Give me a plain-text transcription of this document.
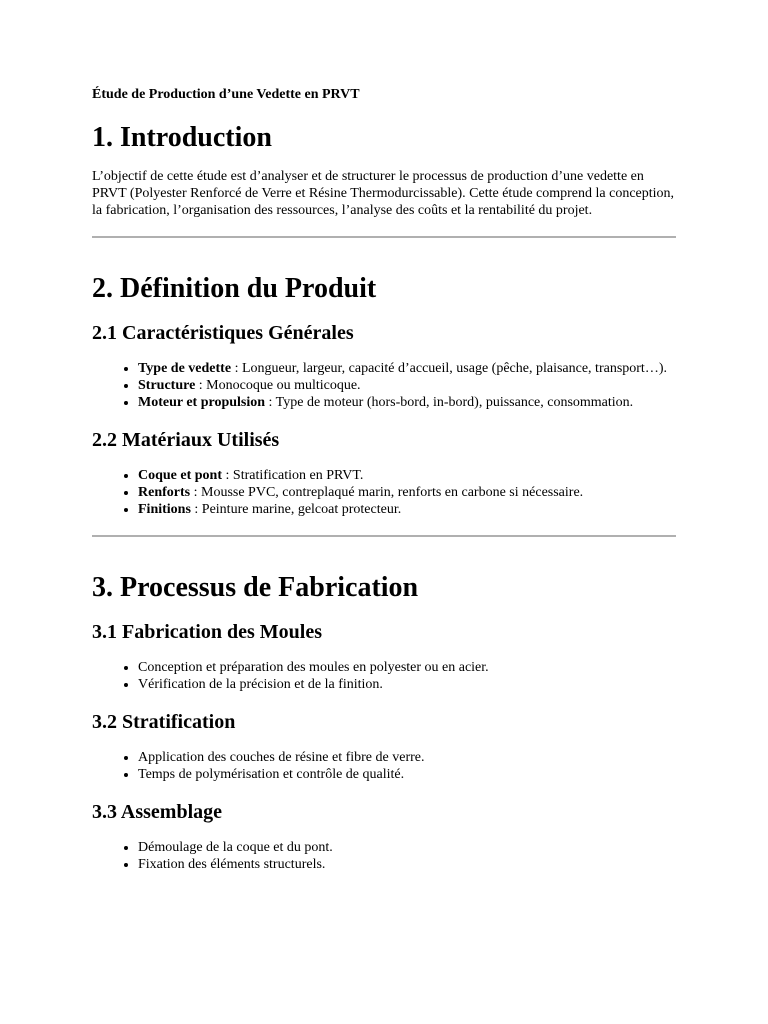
Étude de Production d’une Vedette en PRVT
1. Introduction

L’objectif de cette étude est d’analyser et de structurer le processus de production d’une vedette en PRVT (Polyester Renforcé de Verre et Résine Thermodurcissable). Cette étude comprend la conception, la fabrication, l’organisation des ressources, l’analyse des coûts et la rentabilité du projet.

2. Définition du Produit
2.1 Caractéristiques Générales
• Type de vedette : Longueur, largeur, capacité d’accueil, usage (pêche, plaisance, transport…).
• Structure : Monocoque ou multicoque.
• Moteur et propulsion : Type de moteur (hors-bord, in-bord), puissance, consommation.
2.2 Matériaux Utilisés
• Coque et pont : Stratification en PRVT.
• Renforts : Mousse PVC, contreplaqué marin, renforts en carbone si nécessaire.
• Finitions : Peinture marine, gelcoat protecteur.
3. Processus de Fabrication
3.1 Fabrication des Moules
• Conception et préparation des moules en polyester ou en acier.
• Vérification de la précision et de la finition.
3.2 Stratification
• Application des couches de résine et fibre de verre.
• Temps de polymérisation et contrôle de qualité.
3.3 Assemblage
• Démoulage de la coque et du pont.
• Fixation des éléments structurels.
